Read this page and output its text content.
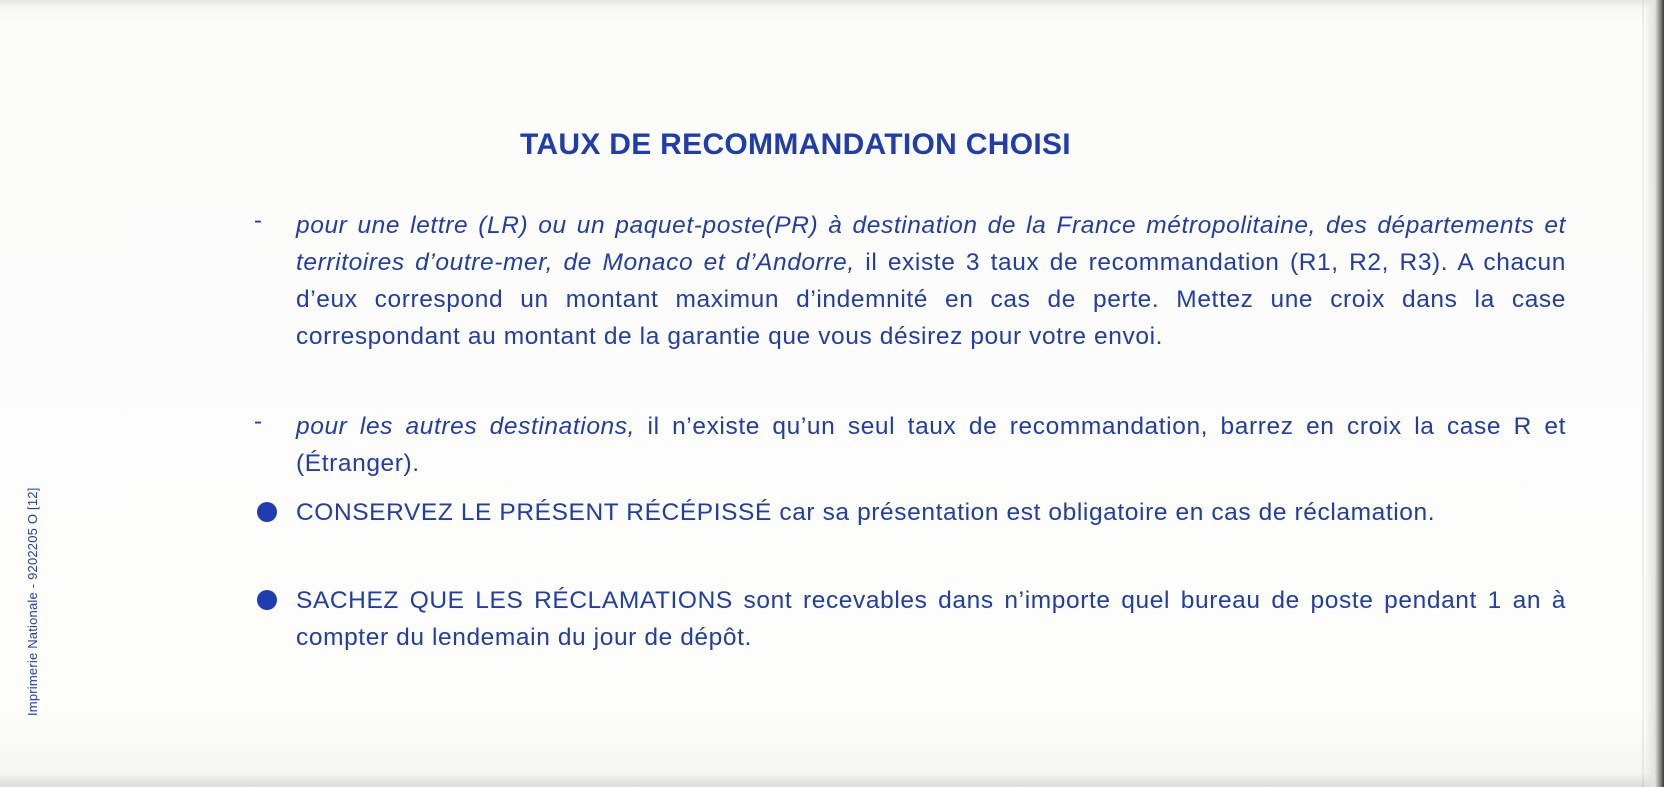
TAUX DE RECOMMANDATION CHOISI
- pour une lettre (LR) ou un paquet-poste(PR) à destination de la France métropolitaine, des départements et territoires d’outre-mer, de Monaco et d’Andorre, il existe 3 taux de recommandation (R1, R2, R3). A chacun d’eux correspond un montant maximun d’indemnité en cas de perte. Mettez une croix dans la case correspondant au montant de la garantie que vous désirez pour votre envoi.
- pour les autres destinations, il n’existe qu’un seul taux de recommandation, barrez en croix la case R et (Étranger).
CONSERVEZ LE PRÉSENT RÉCÉPISSÉ car sa présentation est obligatoire en cas de réclamation.
SACHEZ QUE LES RÉCLAMATIONS sont recevables dans n’importe quel bureau de poste pendant 1 an à compter du lendemain du jour de dépôt.
Imprimerie Nationale - 9202205 O [12]
